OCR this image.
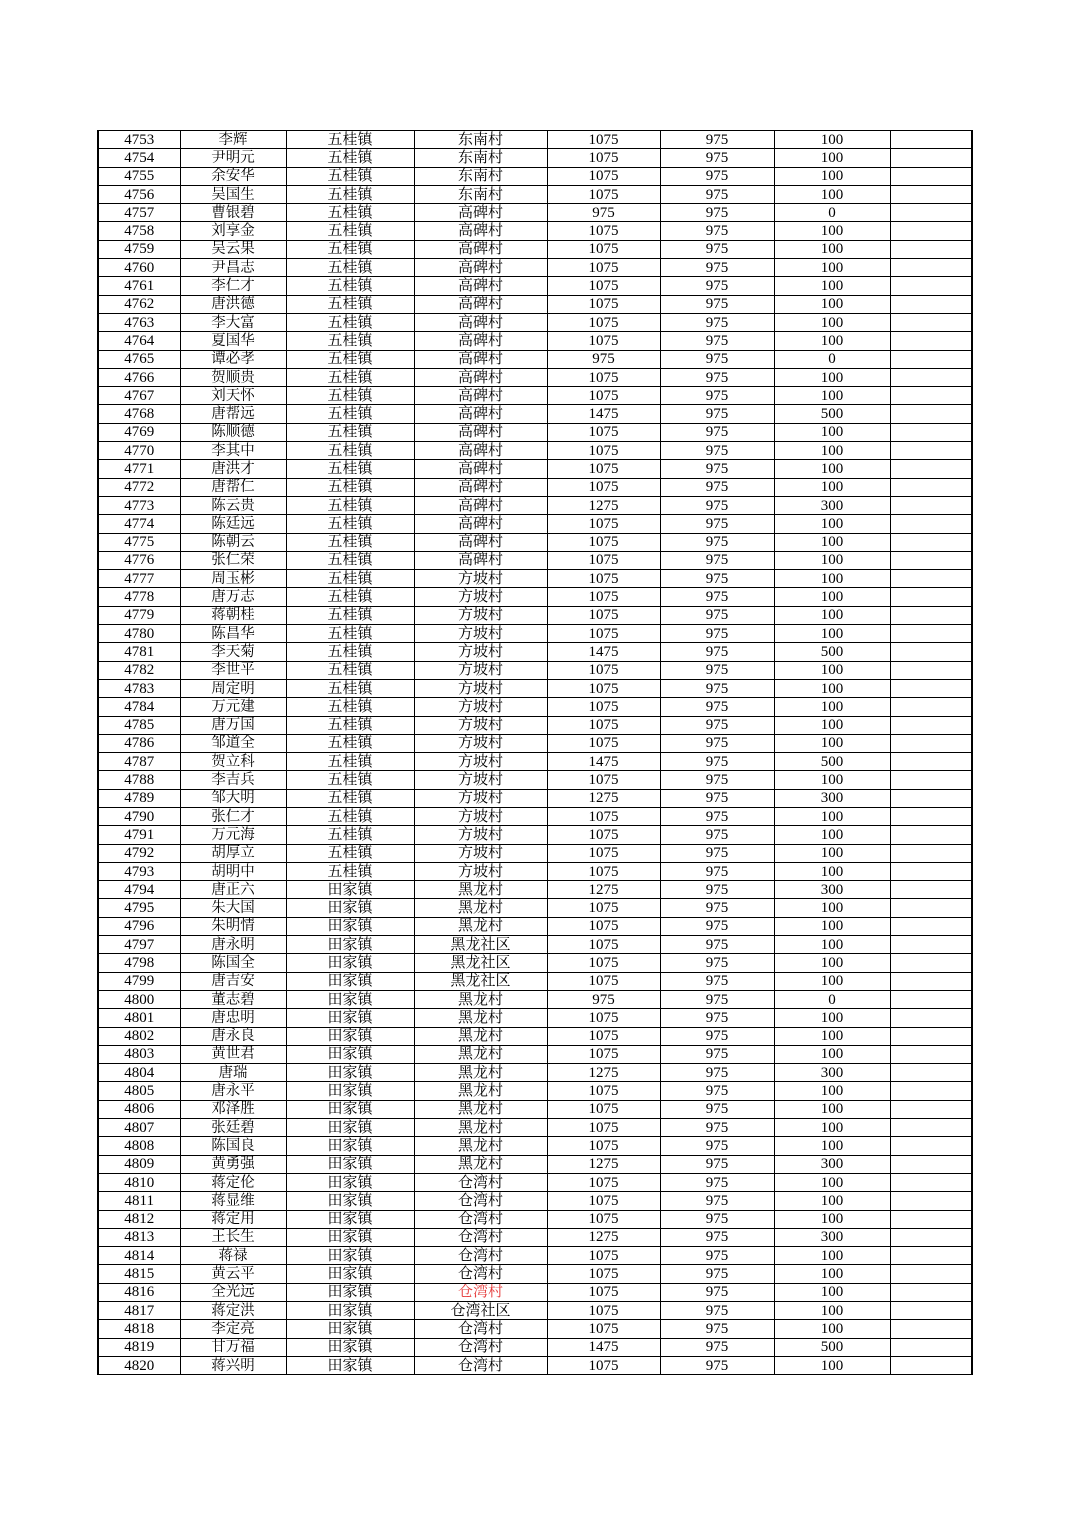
4753	李辉	五桂镇	东南村	1075	975	100	
4754	尹明元	五桂镇	东南村	1075	975	100	
4755	余安华	五桂镇	东南村	1075	975	100	
4756	吴国生	五桂镇	东南村	1075	975	100	
4757	曹银碧	五桂镇	高碑村	975	975	0	
4758	刘享金	五桂镇	高碑村	1075	975	100	
4759	吴云果	五桂镇	高碑村	1075	975	100	
4760	尹昌志	五桂镇	高碑村	1075	975	100	
4761	李仁才	五桂镇	高碑村	1075	975	100	
4762	唐洪德	五桂镇	高碑村	1075	975	100	
4763	李大富	五桂镇	高碑村	1075	975	100	
4764	夏国华	五桂镇	高碑村	1075	975	100	
4765	谭必孝	五桂镇	高碑村	975	975	0	
4766	贺顺贵	五桂镇	高碑村	1075	975	100	
4767	刘天怀	五桂镇	高碑村	1075	975	100	
4768	唐帮远	五桂镇	高碑村	1475	975	500	
4769	陈顺德	五桂镇	高碑村	1075	975	100	
4770	李其中	五桂镇	高碑村	1075	975	100	
4771	唐洪才	五桂镇	高碑村	1075	975	100	
4772	唐帮仁	五桂镇	高碑村	1075	975	100	
4773	陈云贵	五桂镇	高碑村	1275	975	300	
4774	陈廷远	五桂镇	高碑村	1075	975	100	
4775	陈朝云	五桂镇	高碑村	1075	975	100	
4776	张仁荣	五桂镇	高碑村	1075	975	100	
4777	周玉彬	五桂镇	方坡村	1075	975	100	
4778	唐万志	五桂镇	方坡村	1075	975	100	
4779	蒋朝桂	五桂镇	方坡村	1075	975	100	
4780	陈昌华	五桂镇	方坡村	1075	975	100	
4781	李天菊	五桂镇	方坡村	1475	975	500	
4782	李世平	五桂镇	方坡村	1075	975	100	
4783	周定明	五桂镇	方坡村	1075	975	100	
4784	万元建	五桂镇	方坡村	1075	975	100	
4785	唐万国	五桂镇	方坡村	1075	975	100	
4786	邹道全	五桂镇	方坡村	1075	975	100	
4787	贺立科	五桂镇	方坡村	1475	975	500	
4788	李吉兵	五桂镇	方坡村	1075	975	100	
4789	邹大明	五桂镇	方坡村	1275	975	300	
4790	张仁才	五桂镇	方坡村	1075	975	100	
4791	万元海	五桂镇	方坡村	1075	975	100	
4792	胡厚立	五桂镇	方坡村	1075	975	100	
4793	胡明中	五桂镇	方坡村	1075	975	100	
4794	唐正六	田家镇	黑龙村	1275	975	300	
4795	朱大国	田家镇	黑龙村	1075	975	100	
4796	朱明情	田家镇	黑龙村	1075	975	100	
4797	唐永明	田家镇	黑龙社区	1075	975	100	
4798	陈国全	田家镇	黑龙社区	1075	975	100	
4799	唐吉安	田家镇	黑龙社区	1075	975	100	
4800	董志碧	田家镇	黑龙村	975	975	0	
4801	唐忠明	田家镇	黑龙村	1075	975	100	
4802	唐永良	田家镇	黑龙村	1075	975	100	
4803	黄世君	田家镇	黑龙村	1075	975	100	
4804	唐瑞	田家镇	黑龙村	1275	975	300	
4805	唐永平	田家镇	黑龙村	1075	975	100	
4806	邓泽胜	田家镇	黑龙村	1075	975	100	
4807	张廷碧	田家镇	黑龙村	1075	975	100	
4808	陈国良	田家镇	黑龙村	1075	975	100	
4809	黄勇强	田家镇	黑龙村	1275	975	300	
4810	蒋定伦	田家镇	仓湾村	1075	975	100	
4811	蒋显维	田家镇	仓湾村	1075	975	100	
4812	蒋定用	田家镇	仓湾村	1075	975	100	
4813	王长生	田家镇	仓湾村	1275	975	300	
4814	蒋禄	田家镇	仓湾村	1075	975	100	
4815	黄云平	田家镇	仓湾村	1075	975	100	
4816	全光远	田家镇	仓湾村	1075	975	100	
4817	蒋定洪	田家镇	仓湾社区	1075	975	100	
4818	李定亮	田家镇	仓湾村	1075	975	100	
4819	甘万福	田家镇	仓湾村	1475	975	500	
4820	蒋兴明	田家镇	仓湾村	1075	975	100	
